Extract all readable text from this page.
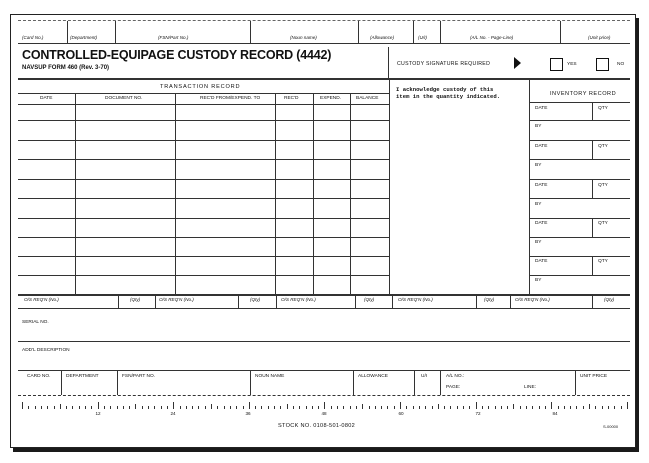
(Card No.)	(Department)	(FSN/Part No.)	(Noun name)	(Allowance)	(U/I)	(A/L No. - Page-Line)	(Unit price)
CONTROLLED-EQUIPAGE CUSTODY RECORD (4442)
NAVSUP FORM 460 (Rev. 3-70)
CUSTODY SIGNATURE REQUIRED	YES	NO
TRANSACTION RECORD
DATE	DOCUMENT NO.	REC'D FROM/EXPEND. TO	REC'D	EXPEND.	BALANCE
I acknowledge custody of this
item in the quantity indicated.	INVENTORY RECORD
DATE	QTY
BY
DATE	QTY
BY
DATE	QTY
BY
DATE	QTY
BY
DATE	QTY
BY
O/S REQ'N (No.)	(Qty)	O/S REQ'N (No.)	(Qty)	O/S REQ'N (No.)	(Qty)	O/S REQ'N (No.)	(Qty)	O/S REQ'N (No.)	(Qty)
SERIAL NO.
ADD'L DESCRIPTION
CARD NO.	DEPARTMENT	FSN/PART NO.	NOUN NAME	ALLOWANCE	U/I	A/L NO.:
PAGE:	LINE:
UNIT PRICE
12	24	36	48	60	72	84
STOCK NO. 0108-501-0802	S-00000
